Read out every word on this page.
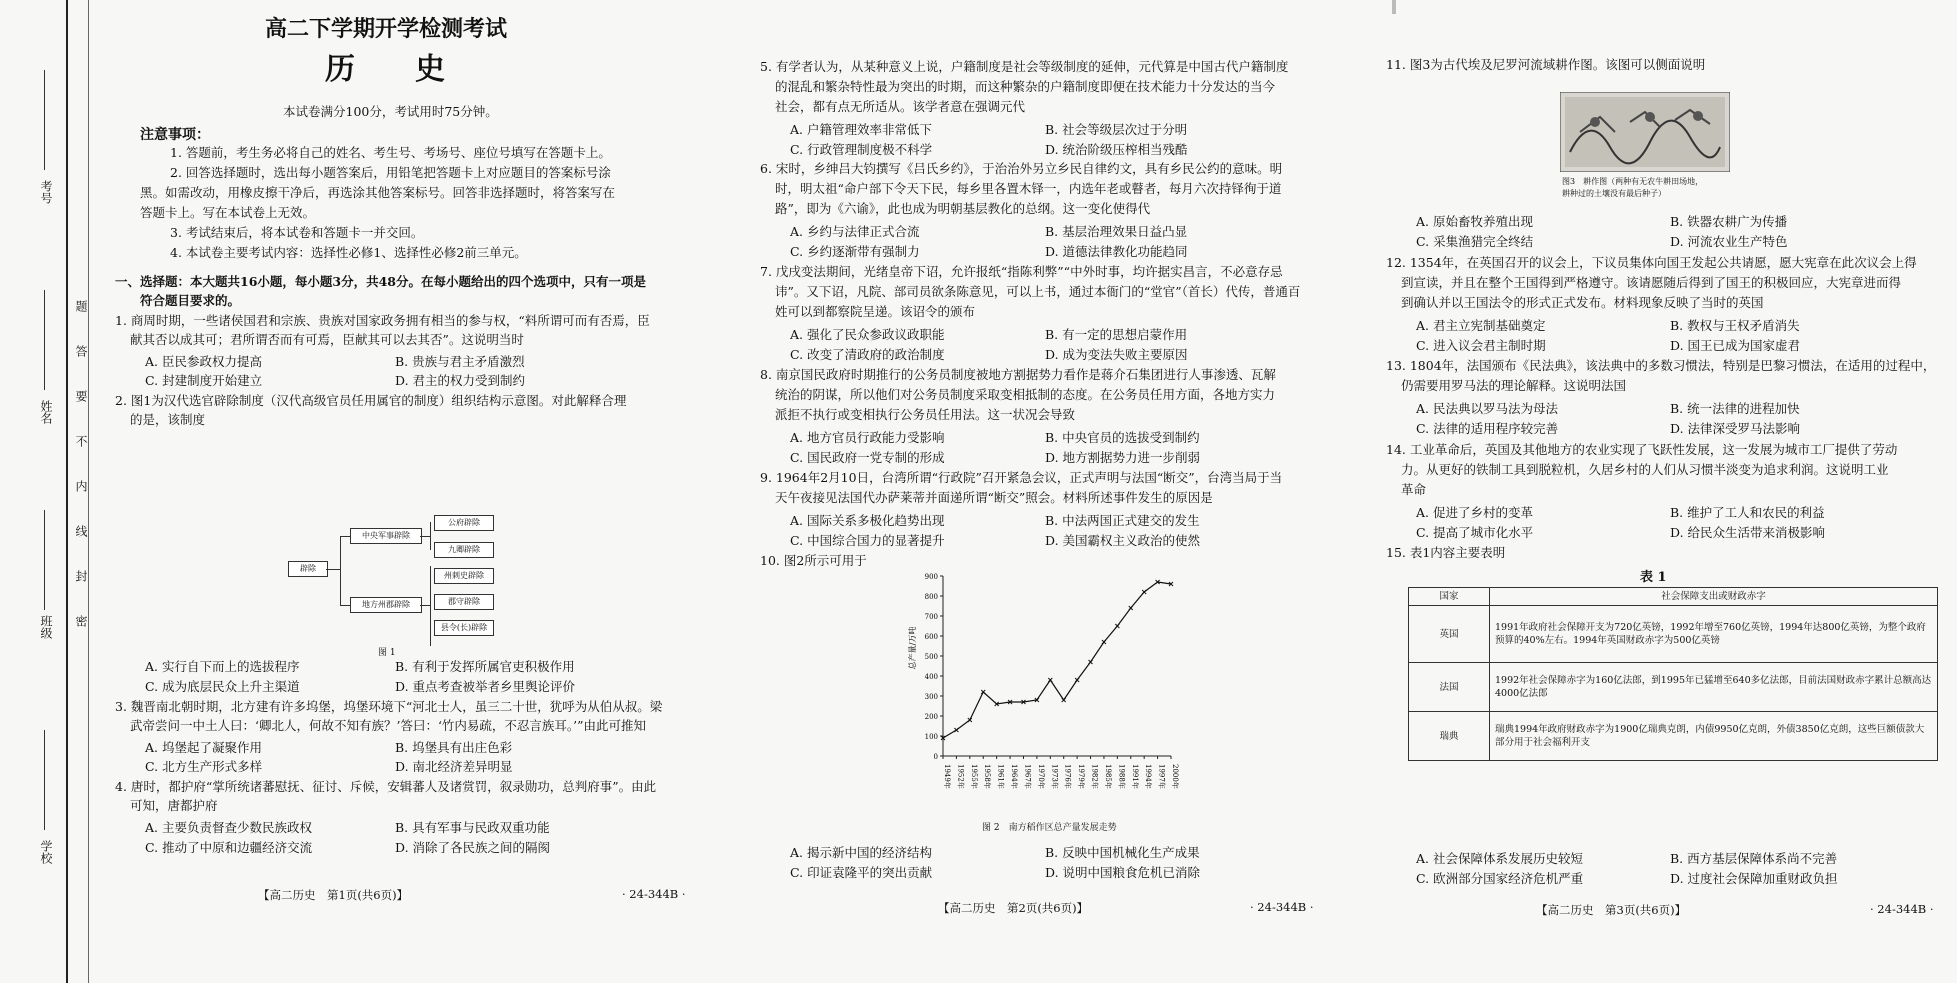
考号
姓名
班级
学校
题
答
要
不
内
线
封
密
高二下学期开学检测考试
历　　史
本试卷满分100分，考试用时75分钟。
注意事项：
1. 答题前，考生务必将自己的姓名、考生号、考场号、座位号填写在答题卡上。
2. 回答选择题时，选出每小题答案后，用铅笔把答题卡上对应题目的答案标号涂
黑。如需改动，用橡皮擦干净后，再选涂其他答案标号。回答非选择题时，将答案写在
答题卡上。写在本试卷上无效。
3. 考试结束后，将本试卷和答题卡一并交回。
4. 本试卷主要考试内容：选择性必修1、选择性必修2前三单元。
一、选择题：本大题共16小题，每小题3分，共48分。在每小题给出的四个选项中，只有一项是
符合题目要求的。
1. 商周时期，一些诸侯国君和宗族、贵族对国家政务拥有相当的参与权，“料所谓可而有否焉，臣
献其否以成其可；君所谓否而有可焉，臣献其可以去其否”。这说明当时
A. 臣民参政权力提高	B. 贵族与君主矛盾激烈
C. 封建制度开始建立	D. 君主的权力受到制约
2. 图1为汉代选官辟除制度（汉代高级官员任用属官的制度）组织结构示意图。对此解释合理
的是，该制度
辟除
中央军事辟除
地方州郡辟除
公府辟除
九卿辟除
州刺史辟除
郡守辟除
县令(长)辟除
图 1
A. 实行自下而上的选拔程序	B. 有利于发挥所属官吏积极作用
C. 成为底层民众上升主渠道	D. 重点考查被举者乡里舆论评价
3. 魏晋南北朝时期，北方建有许多坞堡，坞堡环境下“河北士人，虽三二十世，犹呼为从伯从叔。梁
武帝尝问一中土人曰：‘卿北人，何故不知有族？’答曰：‘竹内易疏，不忍言族耳。’”由此可推知
A. 坞堡起了凝聚作用	B. 坞堡具有出庄色彩
C. 北方生产形式多样	D. 南北经济差异明显
4. 唐时，都护府“掌所统诸蕃慰抚、征讨、斥候，安辑蕃人及诸赏罚，叙录勋功，总判府事”。由此
可知，唐都护府
A. 主要负责督查少数民族政权	B. 具有军事与民政双重功能
C. 推动了中原和边疆经济交流	D. 消除了各民族之间的隔阂
【高二历史　第1页(共6页)】	· 24-344B ·
5. 有学者认为，从某种意义上说，户籍制度是社会等级制度的延伸，元代算是中国古代户籍制度
的混乱和繁杂特性最为突出的时期，而这种繁杂的户籍制度即便在技术能力十分发达的当今
社会，都有点无所适从。该学者意在强调元代
A. 户籍管理效率非常低下	B. 社会等级层次过于分明
C. 行政管理制度极不科学	D. 统治阶级压榨相当残酷
6. 宋时，乡绅吕大钧撰写《吕氏乡约》，于治治外另立乡民自律约文，具有乡民公约的意味。明
时，明太祖“命户部下令天下民，每乡里各置木铎一，内选年老或瞽者，每月六次持铎徇于道
路”，即为《六谕》，此也成为明朝基层教化的总纲。这一变化使得代
A. 乡约与法律正式合流	B. 基层治理效果日益凸显
C. 乡约逐渐带有强制力	D. 道德法律教化功能趋同
7. 戊戌变法期间，光绪皇帝下诏，允许报纸“指陈利弊”“中外时事，均许据实昌言，不必意存忌
讳”。又下诏，凡院、部司员欲条陈意见，可以上书，通过本衙门的“堂官”（首长）代传，普通百
姓可以到都察院呈递。该诏令的颁布
A. 强化了民众参政议政职能	B. 有一定的思想启蒙作用
C. 改变了清政府的政治制度	D. 成为变法失败主要原因
8. 南京国民政府时期推行的公务员制度被地方割据势力看作是蒋介石集团进行人事渗透、瓦解
统治的阴谋，所以他们对公务员制度采取变相抵制的态度。在公务员任用方面，各地方实力
派拒不执行或变相执行公务员任用法。这一状况会导致
A. 地方官员行政能力受影响	B. 中央官员的选拔受到制约
C. 国民政府一党专制的形成	D. 地方割据势力进一步削弱
9. 1964年2月10日，台湾所谓“行政院”召开紧急会议，正式声明与法国“断交”，台湾当局于当
天午夜接见法国代办萨莱蒂并面递所谓“断交”照会。材料所述事件发生的原因是
A. 国际关系多极化趋势出现	B. 中法两国正式建交的发生
C. 中国综合国力的显著提升	D. 美国霸权主义政治的使然
10. 图2所示可用于
0
100
200
300
400
500
600
700
800
900
1949年 1952年 1955年 1958年 1961年 1964年 1967年 1970年 1973年 1976年 1979年 1982年 1985年 1988年 1991年 1994年 1997年 2000年
总产量/万吨
图 2　南方稻作区总产量发展走势
A. 揭示新中国的经济结构	B. 反映中国机械化生产成果
C. 印证袁隆平的突出贡献	D. 说明中国粮食危机已消除
【高二历史　第2页(共6页)】	· 24-344B ·
11. 图3为古代埃及尼罗河流域耕作图。该图可以侧面说明
图3　耕作图（两种有无农牛耕田场地，
耕种过的土壤没有最后种子）
A. 原始畜牧养殖出现	B. 铁器农耕广为传播
C. 采集渔猎完全终结	D. 河流农业生产特色
12. 1354年，在英国召开的议会上，下议员集体向国王发起公共请愿，愿大宪章在此次议会上得
到宣读，并且在整个王国得到严格遵守。该请愿随后得到了国王的积极回应，大宪章进而得
到确认并以王国法令的形式正式发布。材料现象反映了当时的英国
A. 君主立宪制基础奠定	B. 教权与王权矛盾消失
C. 进入议会君主制时期	D. 国王已成为国家虚君
13. 1804年，法国颁布《民法典》，该法典中的多数习惯法，特别是巴黎习惯法，在适用的过程中，
仍需要用罗马法的理论解释。这说明法国
A. 民法典以罗马法为母法	B. 统一法律的进程加快
C. 法律的适用程序较完善	D. 法律深受罗马法影响
14. 工业革命后，英国及其他地方的农业实现了飞跃性发展，这一发展为城市工厂提供了劳动
力。从更好的铁制工具到脱粒机，久居乡村的人们从习惯半淡变为追求利润。这说明工业
革命
A. 促进了乡村的变革	B. 维护了工人和农民的利益
C. 提高了城市化水平	D. 给民众生活带来消极影响
15. 表1内容主要表明
表 1
国家	社会保障支出或财政赤字
英国	1991年政府社会保障开支为720亿英镑，1992年增至760亿英镑，1994年达800亿英镑，为整个政府预算的40%左右。1994年英国财政赤字为500亿英镑
法国	1992年社会保障赤字为160亿法郎，到1995年已猛增至640多亿法郎，目前法国财政赤字累计总额高达4000亿法郎
瑞典	瑞典1994年政府财政赤字为1900亿瑞典克朗，内债9950亿克朗，外债3850亿克朗，这些巨额债款大部分用于社会福利开支
A. 社会保障体系发展历史较短	B. 西方基层保障体系尚不完善
C. 欧洲部分国家经济危机严重	D. 过度社会保障加重财政负担
【高二历史　第3页(共6页)】	· 24-344B ·
